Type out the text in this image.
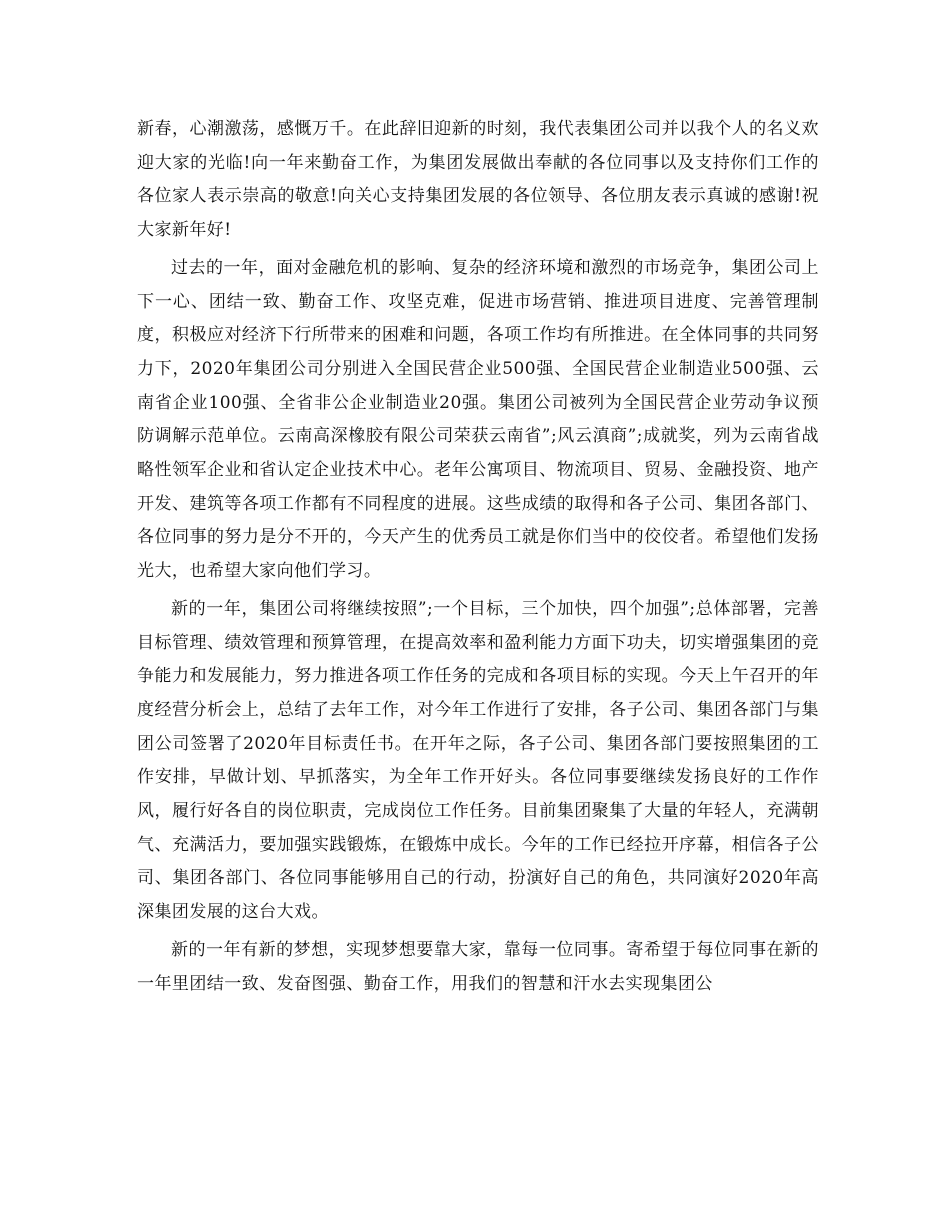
新春，心潮激荡，感慨万千。在此辞旧迎新的时刻，我代表集团公司并以我个人的名义欢迎大家的光临!向一年来勤奋工作，为集团发展做出奉献的各位同事以及支持你们工作的各位家人表示崇高的敬意!向关心支持集团发展的各位领导、各位朋友表示真诚的感谢!祝大家新年好!

过去的一年，面对金融危机的影响、复杂的经济环境和激烈的市场竞争，集团公司上下一心、团结一致、勤奋工作、攻坚克难，促进市场营销、推进项目进度、完善管理制度，积极应对经济下行所带来的困难和问题，各项工作均有所推进。在全体同事的共同努力下，2020年集团公司分别进入全国民营企业500强、全国民营企业制造业500强、云南省企业100强、全省非公企业制造业20强。集团公司被列为全国民营企业劳动争议预防调解示范单位。云南高深橡胶有限公司荣获云南省”;风云滇商”;成就奖，列为云南省战略性领军企业和省认定企业技术中心。老年公寓项目、物流项目、贸易、金融投资、地产开发、建筑等各项工作都有不同程度的进展。这些成绩的取得和各子公司、集团各部门、各位同事的努力是分不开的，今天产生的优秀员工就是你们当中的佼佼者。希望他们发扬光大，也希望大家向他们学习。

新的一年，集团公司将继续按照”;一个目标，三个加快，四个加强”;总体部署，完善目标管理、绩效管理和预算管理，在提高效率和盈利能力方面下功夫，切实增强集团的竞争能力和发展能力，努力推进各项工作任务的完成和各项目标的实现。今天上午召开的年度经营分析会上，总结了去年工作，对今年工作进行了安排，各子公司、集团各部门与集团公司签署了2020年目标责任书。在开年之际，各子公司、集团各部门要按照集团的工作安排，早做计划、早抓落实，为全年工作开好头。各位同事要继续发扬良好的工作作风，履行好各自的岗位职责，完成岗位工作任务。目前集团聚集了大量的年轻人，充满朝气、充满活力，要加强实践锻炼，在锻炼中成长。今年的工作已经拉开序幕，相信各子公司、集团各部门、各位同事能够用自己的行动，扮演好自己的角色，共同演好2020年高深集团发展的这台大戏。

新的一年有新的梦想，实现梦想要靠大家，靠每一位同事。寄希望于每位同事在新的一年里团结一致、发奋图强、勤奋工作，用我们的智慧和汗水去实现集团公
